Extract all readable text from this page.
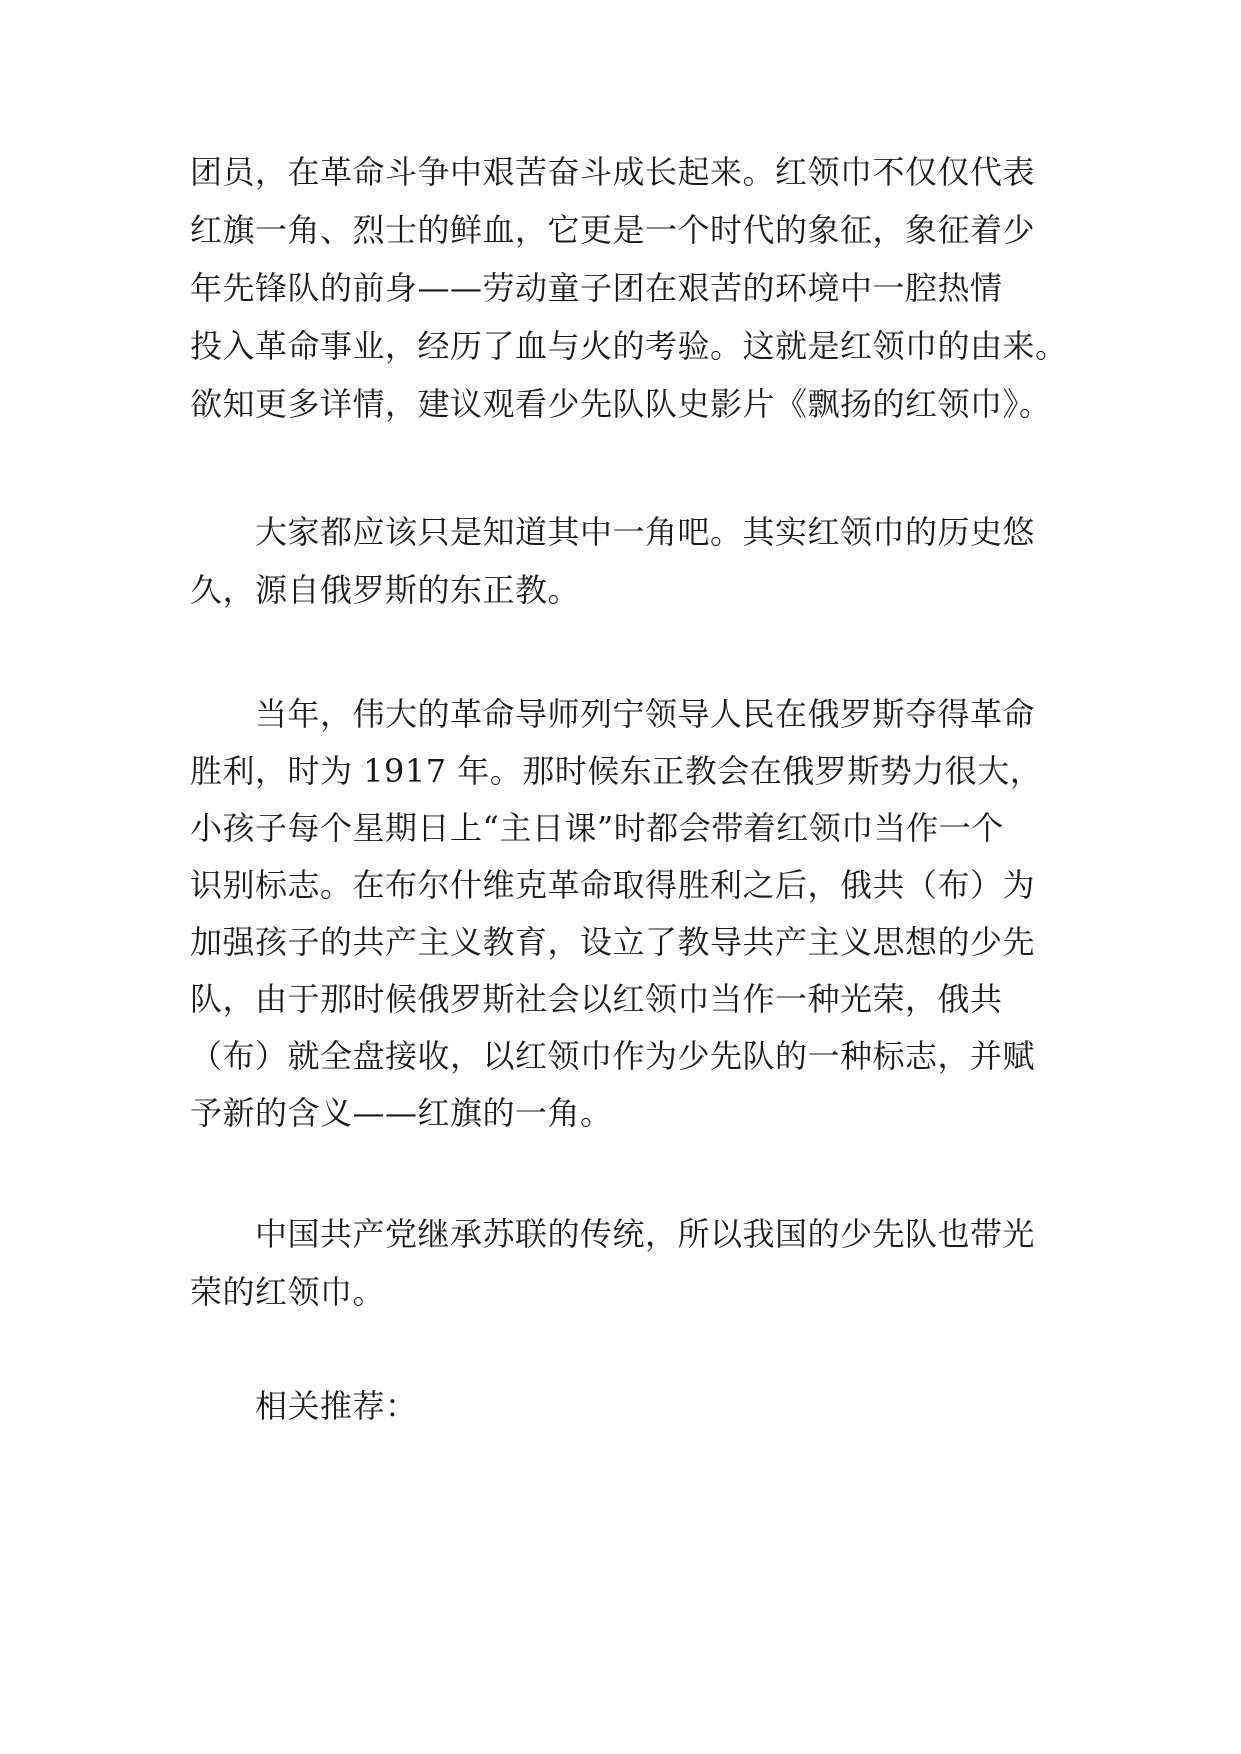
团员，在革命斗争中艰苦奋斗成长起来。红领巾不仅仅代表
红旗一角、烈士的鲜血，它更是一个时代的象征，象征着少
年先锋队的前身——劳动童子团在艰苦的环境中一腔热情
投入革命事业，经历了血与火的考验。这就是红领巾的由来。
欲知更多详情，建议观看少先队队史影片《飘扬的红领巾》。
大家都应该只是知道其中一角吧。其实红领巾的历史悠
久，源自俄罗斯的东正教。
当年，伟大的革命导师列宁领导人民在俄罗斯夺得革命
胜利，时为 1917 年。那时候东正教会在俄罗斯势力很大，
小孩子每个星期日上“主日课”时都会带着红领巾当作一个
识别标志。在布尔什维克革命取得胜利之后，俄共（布）为
加强孩子的共产主义教育，设立了教导共产主义思想的少先
队，由于那时候俄罗斯社会以红领巾当作一种光荣，俄共
（布）就全盘接收，以红领巾作为少先队的一种标志，并赋
予新的含义——红旗的一角。
中国共产党继承苏联的传统，所以我国的少先队也带光
荣的红领巾。
相关推荐：
